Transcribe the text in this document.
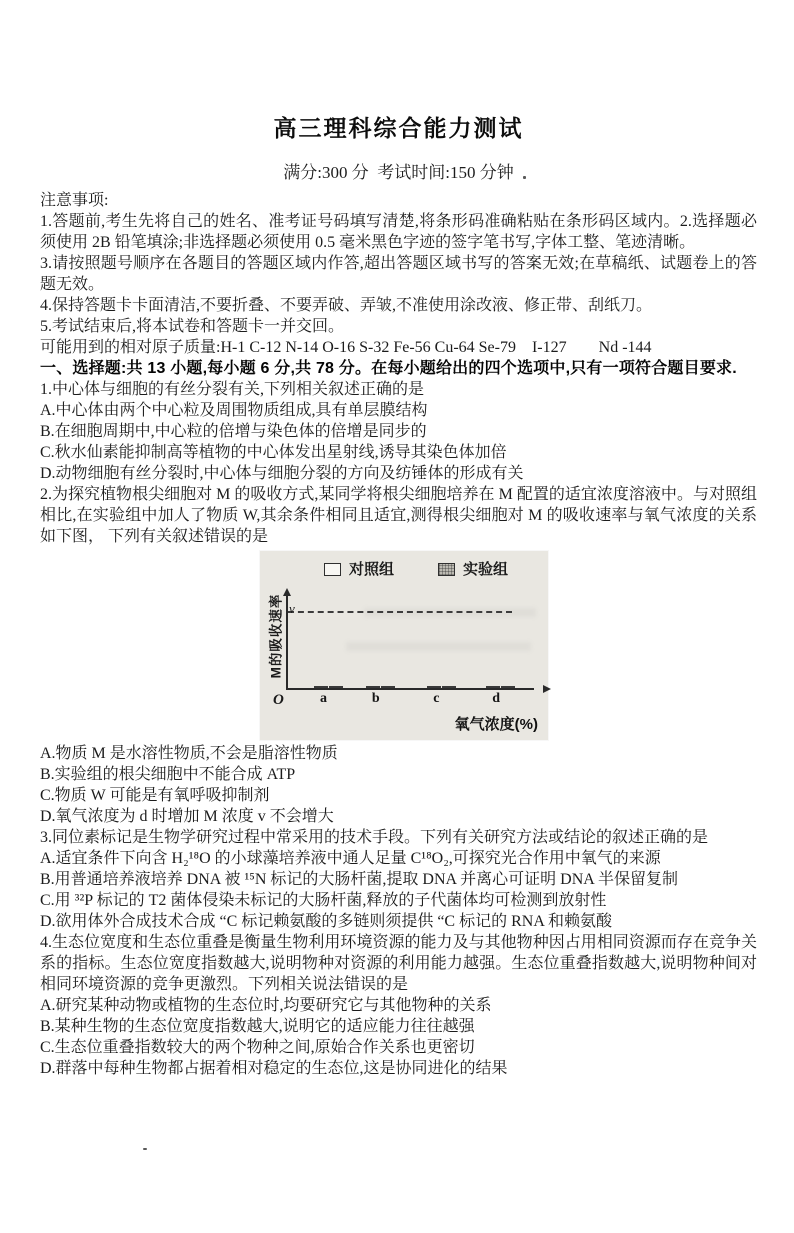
高三理科综合能力测试
满分:300 分  考试时间:150 分钟

注意事项:

1.答题前,考生先将自己的姓名、准考证号码填写清楚,将条形码准确粘贴在条形码区域内。2.选择题必须使用 2B 铅笔填涂;非选择题必须使用 0.5 毫米黑色字迹的签字笔书写,字体工整、笔迹清晰。

3.请按照题号顺序在各题目的答题区域内作答,超出答题区域书写的答案无效;在草稿纸、试题卷上的答题无效。

4.保持答题卡卡面清洁,不要折叠、不要弄破、弄皱,不准使用涂改液、修正带、刮纸刀。

5.考试结束后,将本试卷和答题卡一并交回。

可能用到的相对原子质量:H-1 C-12 N-14 O-16 S-32 Fe-56 Cu-64 Se-79　I-127　　Nd -144

一、选择题:共 13 小题,每小题 6 分,共 78 分。在每小题给出的四个选项中,只有一项符合题目要求.

1.中心体与细胞的有丝分裂有关,下列相关叙述正确的是

A.中心体由两个中心粒及周围物质组成,具有单层膜结构

B.在细胞周期中,中心粒的倍增与染色体的倍增是同步的

C.秋水仙素能抑制高等植物的中心体发出星射线,诱导其染色体加倍

D.动物细胞有丝分裂时,中心体与细胞分裂的方向及纺锤体的形成有关

2.为探究植物根尖细胞对 M 的吸收方式,某同学将根尖细胞培养在 M 配置的适宜浓度溶液中。与对照组相比,在实验组中加人了物质 W,其余条件相同且适宜,测得根尖细胞对 M 的吸收速率与氧气浓度的关系如下图， 下列有关叙述错误的是

对照组	实验组
M的吸收速率 v
a	b	c	d
O
氧气浓度(%)

A.物质 M 是水溶性物质,不会是脂溶性物质

B.实验组的根尖细胞中不能合成 ATP

C.物质 W 可能是有氧呼吸抑制剂

D.氧气浓度为 d 时增加 M 浓度 v 不会增大

3.同位素标记是生物学研究过程中常采用的技术手段。下列有关研究方法或结论的叙述正确的是

A.适宜条件下向含 H₂¹⁸O 的小球藻培养液中通人足量 C¹⁸O₂,可探究光合作用中氧气的来源

B.用普通培养液培养 DNA 被 ¹⁵N 标记的大肠杆菌,提取 DNA 并离心可证明 DNA 半保留复制

C.用 ³²P 标记的 T2 菌体侵染未标记的大肠杆菌,释放的子代菌体均可检测到放射性

D.欲用体外合成技术合成 “C 标记赖氨酸的多链则须提供 “C 标记的 RNA 和赖氨酸

4.生态位宽度和生态位重叠是衡量生物利用环境资源的能力及与其他物种因占用相同资源而存在竞争关系的指标。生态位宽度指数越大,说明物种对资源的利用能力越强。生态位重叠指数越大,说明物种间对相同环境资源的竞争更激烈。下列相关说法错误的是

A.研究某种动物或植物的生态位时,均要研究它与其他物种的关系

B.某种生物的生态位宽度指数越大,说明它的适应能力往往越强

C.生态位重叠指数较大的两个物种之间,原始合作关系也更密切

D.群落中每种生物都占据着相对稳定的生态位,这是协同进化的结果
